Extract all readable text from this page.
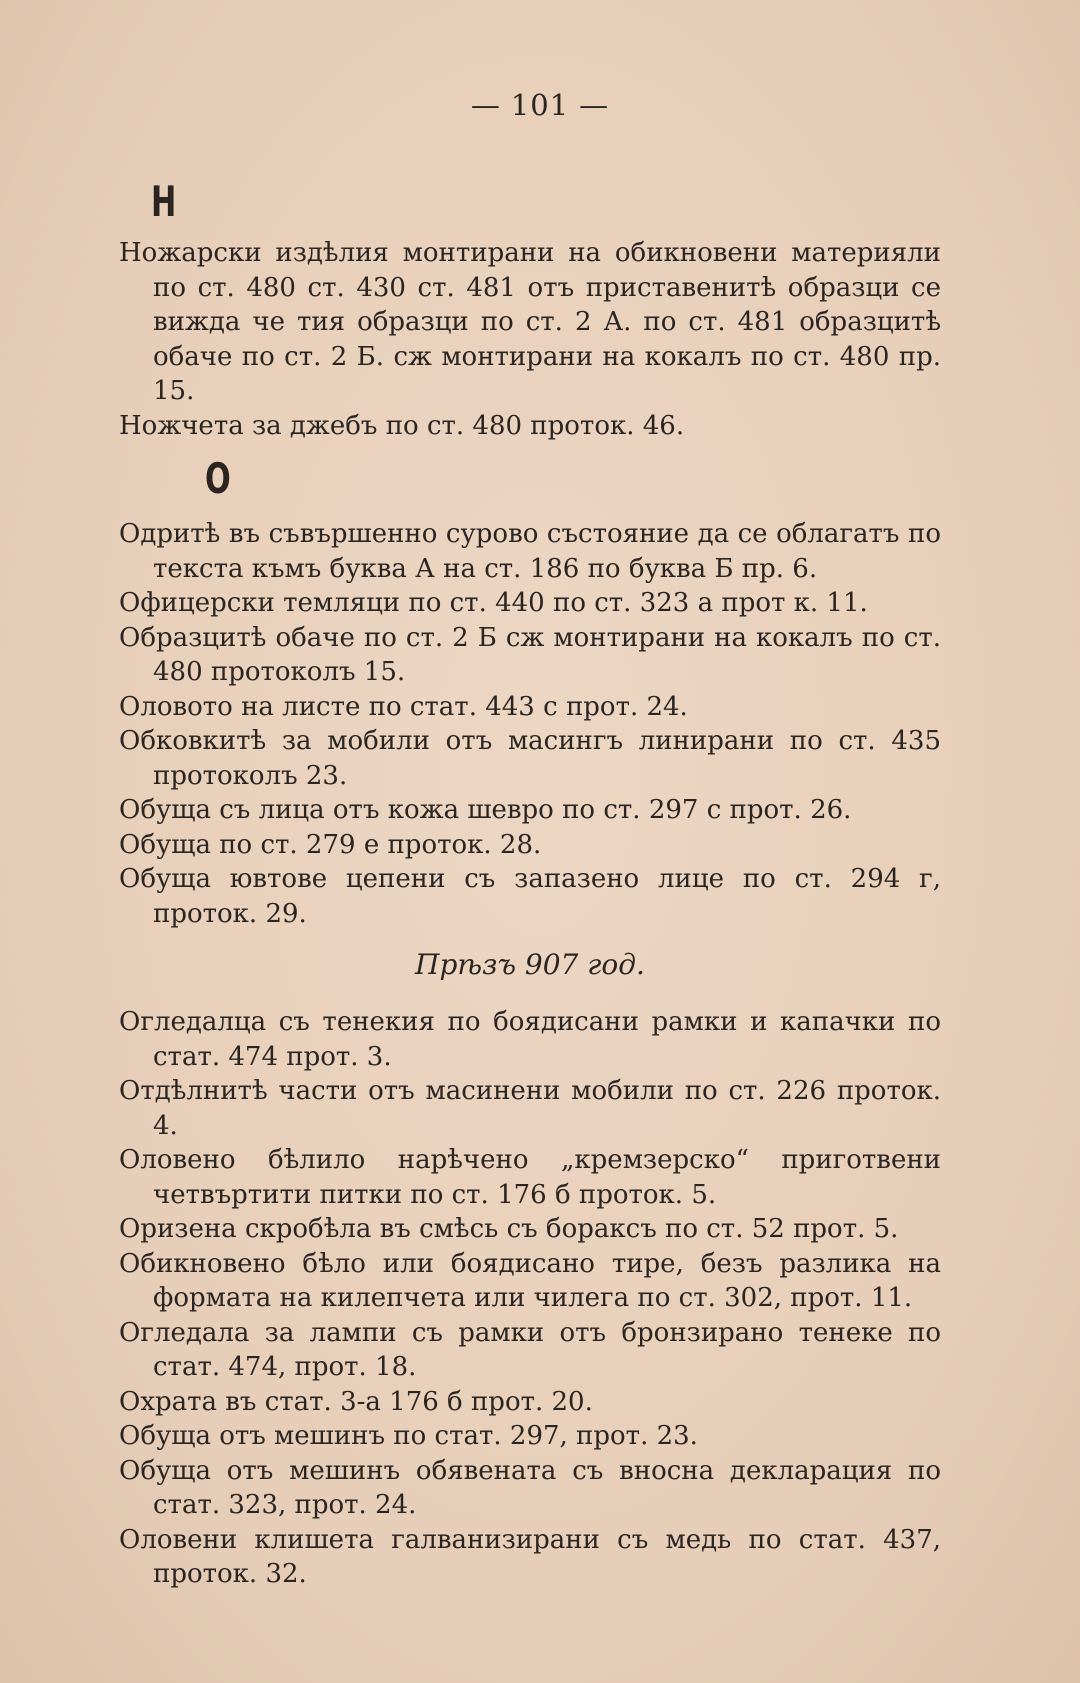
— 101 —
Н
Ножарски издѣлия монтирани на обикновени материяли по ст. 480 ст. 430 ст. 481 отъ приставенитѣ образци се вижда че тия образци по ст. 2 А. по ст. 481 образцитѣ обаче по ст. 2 Б. сж монтирани на кокалъ по ст. 480 пр. 15.
Ножчета за джебъ по ст. 480 проток. 46.
О
Одритѣ въ съвършенно сурово състояние да се облагатъ по текста къмъ буква А на ст. 186 по буква Б пр. 6.
Офицерски темляци по ст. 440 по ст. 323 а прот к. 11.
Образцитѣ обаче по ст. 2 Б сж монтирани на кокалъ по ст. 480 протоколъ 15.
Оловото на листе по стат. 443 с прот. 24.
Обковкитѣ за мобили отъ масингъ линирани по ст. 435 протоколъ 23.
Обуща съ лица отъ кожа шевро по ст. 297 с прот. 26.
Обуща по ст. 279 е проток. 28.
Обуща ювтове цепени съ запазено лице по ст. 294 г, проток. 29.
Прѣзъ 907 год.
Огледалца съ тенекия по боядисани рамки и капачки по стат. 474 прот. 3.
Отдѣлнитѣ части отъ масинени мобили по ст. 226 проток. 4.
Оловено бѣлило нарѣчено „кремзерско“ приготвени четвъртити питки по ст. 176 б проток. 5.
Оризена скробѣла въ смѣсь съ бораксъ по ст. 52 прот. 5.
Обикновено бѣло или боядисано тире, безъ разлика на формата на килепчета или чилега по ст. 302, прот. 11.
Огледала за лампи съ рамки отъ бронзирано тенеке по стат. 474, прот. 18.
Охрата въ стат. 3-а 176 б прот. 20.
Обуща отъ мешинъ по стат. 297, прот. 23.
Обуща отъ мешинъ обявената съ вносна декларация по стат. 323, прот. 24.
Оловени клишета галванизирани съ медь по стат. 437, проток. 32.
